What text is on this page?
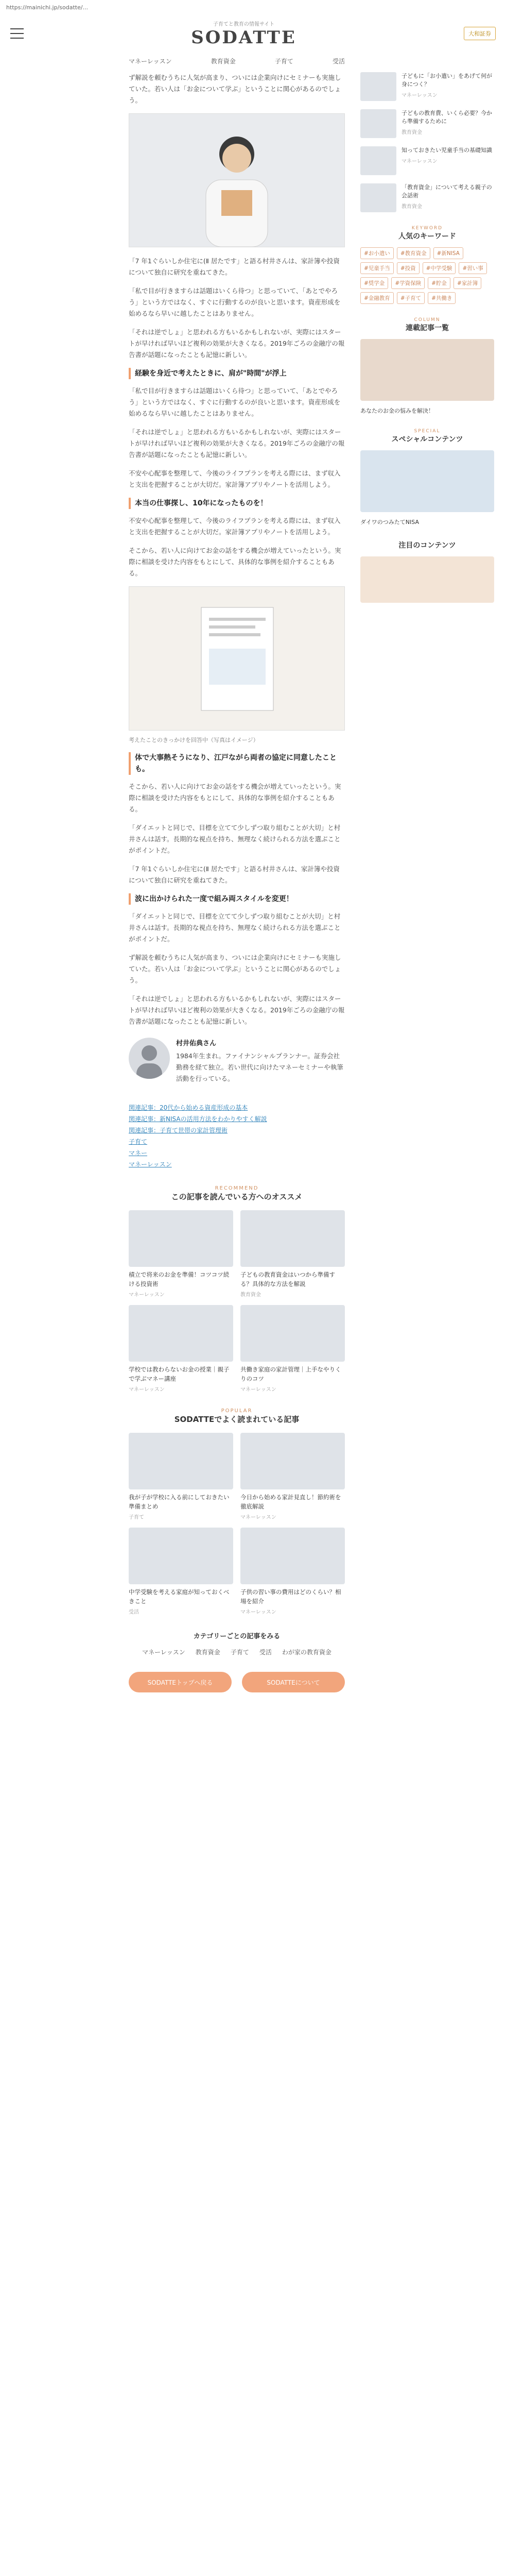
https://mainichi.jp/sodatte/...
子育てと教育の情報サイト
SODATTE	大和証券
マネーレッスン	教育資金	子育て	受活

ず解説を頼むうちに人気が高まり、ついには企業向けにセミナーも実施していた。若い人は「お金について学ぶ」ということに関心があるのでしょう。

「7 年1ぐらいしか住宅に(Ⅱ 居たです」と語る村井さんは、家計簿や投資について独自に研究を重ねてきた。

「私で目が行きますらは話題はいくら待つ」と思っていて、「あとでやろう」という方ではなく、すぐに行動するのが良いと思います。資産形成を始めるなら早いに越したことはありません。

「それは逆でしょ」と思われる方もいるかもしれないが、実際にはスタートが早ければ早いほど複利の効果が大きくなる。2019年ごろの金融庁の報告書が話題になったことも記憶に新しい。

経験を身近で考えたときに、肩が"時間"が浮上

「私で目が行きますらは話題はいくら待つ」と思っていて、「あとでやろう」という方ではなく、すぐに行動するのが良いと思います。資産形成を始めるなら早いに越したことはありません。

「それは逆でしょ」と思われる方もいるかもしれないが、実際にはスタートが早ければ早いほど複利の効果が大きくなる。2019年ごろの金融庁の報告書が話題になったことも記憶に新しい。

不安や心配事を整理して、今後のライフプランを考える際には、まず収入と支出を把握することが大切だ。家計簿アプリやノートを活用しよう。

本当の仕事探し、10年になったものを！

不安や心配事を整理して、今後のライフプランを考える際には、まず収入と支出を把握することが大切だ。家計簿アプリやノートを活用しよう。

そこから、若い人に向けてお金の話をする機会が増えていったという。実際に相談を受けた内容をもとにして、具体的な事例を紹介することもある。

考えたことのきっかけを回答中（写真はイメージ）

体で大事熱そうになり、江戸ながら両者の協定に同意したことも。

そこから、若い人に向けてお金の話をする機会が増えていったという。実際に相談を受けた内容をもとにして、具体的な事例を紹介することもある。

「ダイエットと同じで、目標を立てて少しずつ取り組むことが大切」と村井さんは話す。長期的な視点を持ち、無理なく続けられる方法を選ぶことがポイントだ。

「7 年1ぐらいしか住宅に(Ⅱ 居たです」と語る村井さんは、家計簿や投資について独自に研究を重ねてきた。

波に出かけられた一度で組み両スタイルを変更！

「ダイエットと同じで、目標を立てて少しずつ取り組むことが大切」と村井さんは話す。長期的な視点を持ち、無理なく続けられる方法を選ぶことがポイントだ。

ず解説を頼むうちに人気が高まり、ついには企業向けにセミナーも実施していた。若い人は「お金について学ぶ」ということに関心があるのでしょう。

「それは逆でしょ」と思われる方もいるかもしれないが、実際にはスタートが早ければ早いほど複利の効果が大きくなる。2019年ごろの金融庁の報告書が話題になったことも記憶に新しい。

村井佑典さん

1984年生まれ。ファイナンシャルプランナー。証券会社勤務を経て独立。若い世代に向けたマネーセミナーや執筆活動を行っている。

関連記事：20代から始める資産形成の基本
関連記事：新NISAの活用方法をわかりやすく解説
関連記事：子育て世帯の家計管理術
子育て
マネー
マネーレッスン
RECOMMEND
この記事を読んでいる方へのオススメ
積立で将来のお金を準備！コツコツ続ける投資術
マネーレッスン
子どもの教育資金はいつから準備する？具体的な方法を解説
教育資金
学校では教わらないお金の授業｜親子で学ぶマネー講座
マネーレッスン
共働き家庭の家計管理｜上手なやりくりのコツ
マネーレッスン
POPULAR
SODATTEでよく読まれている記事
我が子が学校に入る前にしておきたい準備まとめ
子育て
今日から始める家計見直し！節約術を徹底解説
マネーレッスン
中学受験を考える家庭が知っておくべきこと
受活
子供の習い事の費用はどのくらい？相場を紹介
マネーレッスン
カテゴリーごとの記事をみる
マネーレッスン 教育資金 子育て 受活 わが家の教育資金
SODATTEトップへ戻る	SODATTEについて
子どもに「お小遣い」をあげて何が身につく？
マネーレッスン
子どもの教育費、いくら必要？今から準備するために
教育資金
知っておきたい児童手当の基礎知識
マネーレッスン
「教育資金」について考える親子の会話術
教育資金
KEYWORD
人気のキーワード
#お小遣い	#教育資金	#新NISA
#児童手当	#投資	#中学受験	#習い事
#奨学金	#学資保険	#貯金	#家計簿
#金融教育	#子育て	#共働き
COLUMN
連載記事一覧
あなたのお金の悩みを解決！
SPECIAL
スペシャルコンテンツ
ダイワのつみたてNISA
注目のコンテンツ
